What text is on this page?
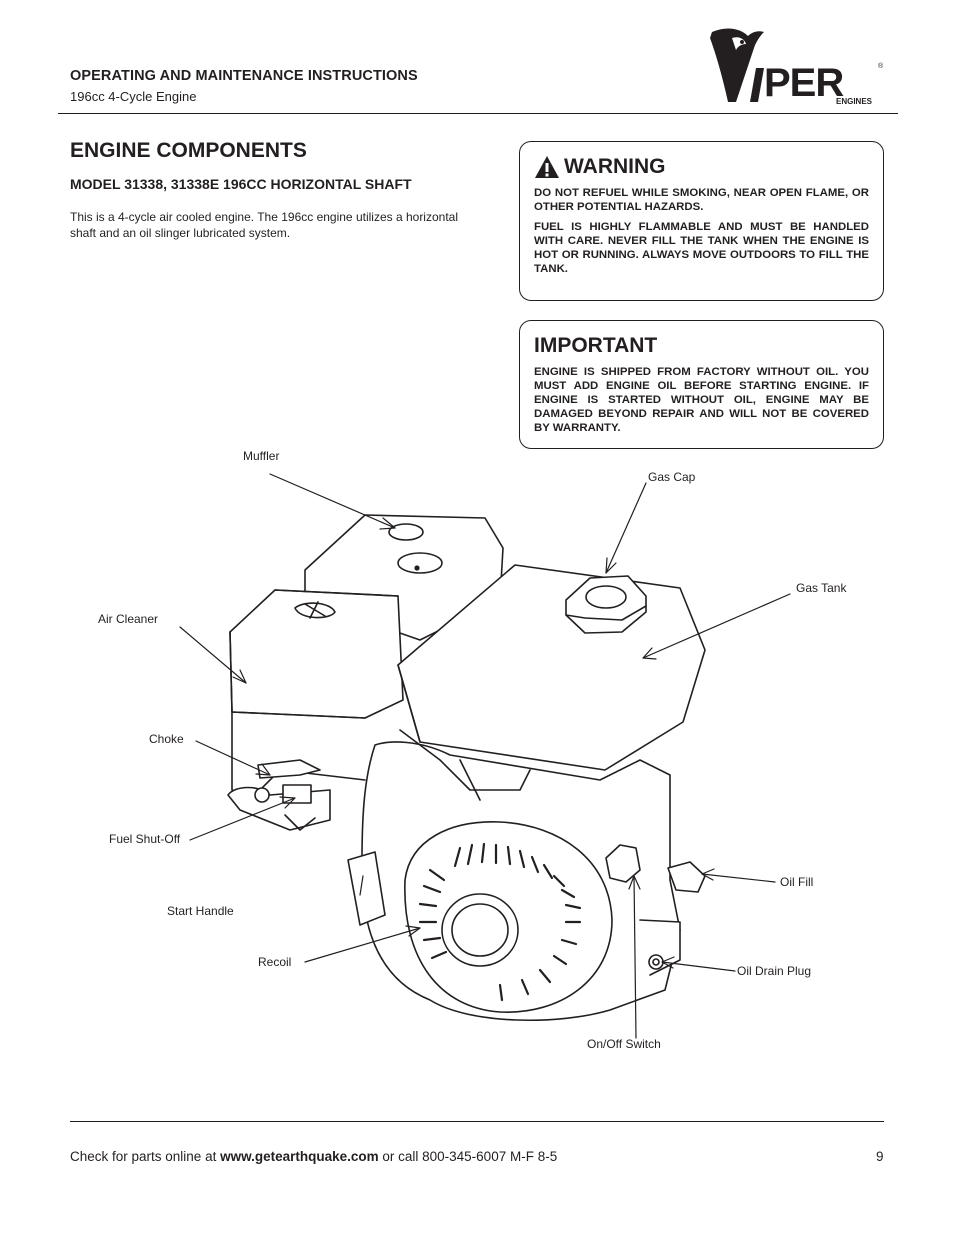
OPERATING AND MAINTENANCE INSTRUCTIONS
196cc 4-Cycle Engine	PER	®
ENGINES
ENGINE COMPONENTS
MODEL 31338, 31338E 196CC HORIZONTAL SHAFT
This is a 4-cycle air cooled engine. The 196cc engine utilizes a horizontal
shaft and an oil slinger lubricated system.
WARNING

DO NOT REFUEL WHILE SMOKING, NEAR OPEN FLAME, OR OTHER POTENTIAL HAZARDS.

FUEL IS HIGHLY FLAMMABLE AND MUST BE HANDLED WITH CARE. NEVER FILL THE TANK WHEN THE ENGINE IS HOT OR RUNNING. ALWAYS MOVE OUTDOORS TO FILL THE TANK.

IMPORTANT

ENGINE IS SHIPPED FROM FACTORY WITHOUT OIL. YOU MUST ADD ENGINE OIL BEFORE STARTING ENGINE. IF ENGINE IS STARTED WITHOUT OIL, ENGINE MAY BE DAMAGED BEYOND REPAIR AND WILL NOT BE COVERED BY WARRANTY.

Muffler
Gas Cap
Gas Tank
Air Cleaner
Choke
Fuel Shut-Off
Oil Fill
Start Handle
Recoil
Oil Drain Plug
On/Off Switch
Check for parts online at www.getearthquake.com or call 800-345-6007 M-F 8-5	9
